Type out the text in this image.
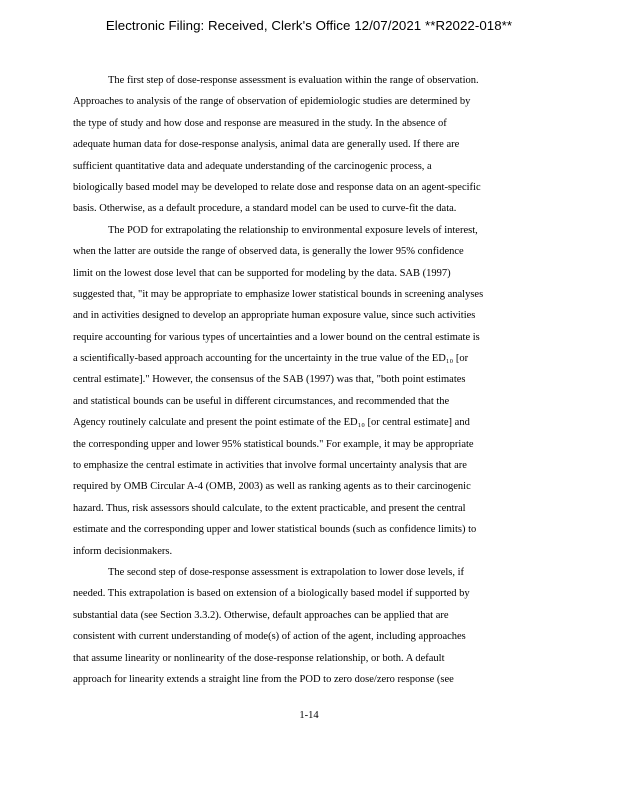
Electronic Filing: Received, Clerk's Office 12/07/2021 **R2022-018**
The first step of dose-response assessment is evaluation within the range of observation.
Approaches to analysis of the range of observation of epidemiologic studies are determined by
the type of study and how dose and response are measured in the study. In the absence of
adequate human data for dose-response analysis, animal data are generally used. If there are
sufficient quantitative data and adequate understanding of the carcinogenic process, a
biologically based model may be developed to relate dose and response data on an agent-specific
basis. Otherwise, as a default procedure, a standard model can be used to curve-fit the data.
The POD for extrapolating the relationship to environmental exposure levels of interest,
when the latter are outside the range of observed data, is generally the lower 95% confidence
limit on the lowest dose level that can be supported for modeling by the data. SAB (1997)
suggested that, "it may be appropriate to emphasize lower statistical bounds in screening analyses
and in activities designed to develop an appropriate human exposure value, since such activities
require accounting for various types of uncertainties and a lower bound on the central estimate is
a scientifically-based approach accounting for the uncertainty in the true value of the ED₁₀ [or
central estimate]." However, the consensus of the SAB (1997) was that, "both point estimates
and statistical bounds can be useful in different circumstances, and recommended that the
Agency routinely calculate and present the point estimate of the ED₁₀ [or central estimate] and
the corresponding upper and lower 95% statistical bounds." For example, it may be appropriate
to emphasize the central estimate in activities that involve formal uncertainty analysis that are
required by OMB Circular A-4 (OMB, 2003) as well as ranking agents as to their carcinogenic
hazard. Thus, risk assessors should calculate, to the extent practicable, and present the central
estimate and the corresponding upper and lower statistical bounds (such as confidence limits) to
inform decisionmakers.
The second step of dose-response assessment is extrapolation to lower dose levels, if
needed. This extrapolation is based on extension of a biologically based model if supported by
substantial data (see Section 3.3.2). Otherwise, default approaches can be applied that are
consistent with current understanding of mode(s) of action of the agent, including approaches
that assume linearity or nonlinearity of the dose-response relationship, or both. A default
approach for linearity extends a straight line from the POD to zero dose/zero response (see
1-14
